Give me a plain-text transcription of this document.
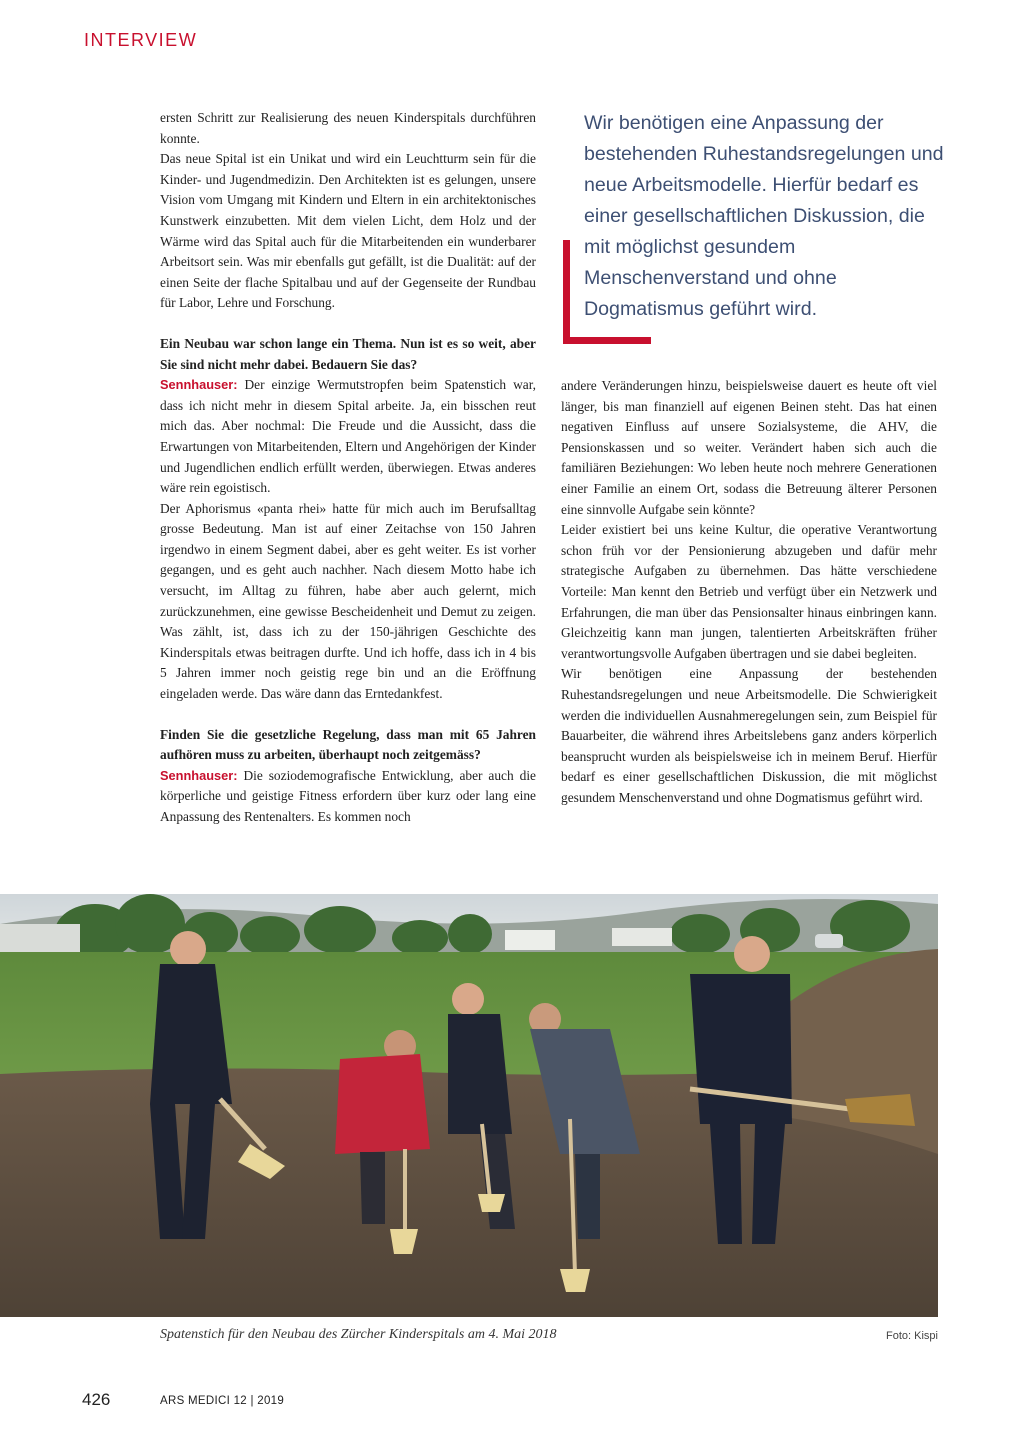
INTERVIEW

ersten Schritt zur Realisierung des neuen Kinderspitals durchführen konnte.

Das neue Spital ist ein Unikat und wird ein Leuchtturm sein für die Kinder- und Jugendmedizin. Den Architekten ist es gelungen, unsere Vision vom Umgang mit Kindern und Eltern in ein architektonisches Kunstwerk einzubetten. Mit dem vielen Licht, dem Holz und der Wärme wird das Spital auch für die Mitarbeitenden ein wunderbarer Arbeitsort sein. Was mir ebenfalls gut gefällt, ist die Dualität: auf der einen Seite der flache Spitalbau und auf der Gegenseite der Rundbau für Labor, Lehre und Forschung.

Ein Neubau war schon lange ein Thema. Nun ist es so weit, aber Sie sind nicht mehr dabei. Bedauern Sie das?

Sennhauser: Der einzige Wermutstropfen beim Spatenstich war, dass ich nicht mehr in diesem Spital arbeite. Ja, ein bisschen reut mich das. Aber nochmal: Die Freude und die Aussicht, dass die Erwartungen von Mitarbeitenden, Eltern und Angehörigen der Kinder und Jugendlichen endlich erfüllt werden, überwiegen. Etwas anderes wäre rein egoistisch.

Der Aphorismus «panta rhei» hatte für mich auch im Berufsalltag grosse Bedeutung. Man ist auf einer Zeitachse von 150 Jahren irgendwo in einem Segment dabei, aber es geht weiter. Es ist vorher gegangen, und es geht auch nachher. Nach diesem Motto habe ich versucht, im Alltag zu führen, habe aber auch gelernt, mich zurückzunehmen, eine gewisse Bescheidenheit und Demut zu zeigen. Was zählt, ist, dass ich zu der 150-jährigen Geschichte des Kinderspitals etwas beitragen durfte. Und ich hoffe, dass ich in 4 bis 5 Jahren immer noch geistig rege bin und an die Eröffnung eingeladen werde. Das wäre dann das Erntedankfest.

Finden Sie die gesetzliche Regelung, dass man mit 65 Jahren aufhören muss zu arbeiten, überhaupt noch zeitgemäss?

Sennhauser: Die soziodemografische Entwicklung, aber auch die körperliche und geistige Fitness erfordern über kurz oder lang eine Anpassung des Rentenalters. Es kommen noch

Wir benötigen eine Anpassung der bestehenden Ruhestandsregelungen und neue Arbeitsmodelle. Hierfür bedarf es einer gesellschaftlichen Diskussion, die mit möglichst gesundem Menschenverstand und ohne Dogmatismus geführt wird.

andere Veränderungen hinzu, beispielsweise dauert es heute oft viel länger, bis man finanziell auf eigenen Beinen steht. Das hat einen negativen Einfluss auf unsere Sozialsysteme, die AHV, die Pensionskassen und so weiter. Verändert haben sich auch die familiären Beziehungen: Wo leben heute noch mehrere Generationen einer Familie an einem Ort, sodass die Betreuung älterer Personen eine sinnvolle Aufgabe sein könnte?

Leider existiert bei uns keine Kultur, die operative Verantwortung schon früh vor der Pensionierung abzugeben und dafür mehr strategische Aufgaben zu übernehmen. Das hätte verschiedene Vorteile: Man kennt den Betrieb und verfügt über ein Netzwerk und Erfahrungen, die man über das Pensionsalter hinaus einbringen kann. Gleichzeitig kann man jungen, talentierten Arbeitskräften früher verantwortungsvolle Aufgaben übertragen und sie dabei begleiten.

Wir benötigen eine Anpassung der bestehenden Ruhestandsregelungen und neue Arbeitsmodelle. Die Schwierigkeit werden die individuellen Ausnahmeregelungen sein, zum Beispiel für Bauarbeiter, die während ihres Arbeitslebens ganz anders körperlich beansprucht wurden als beispielsweise ich in meinem Beruf. Hierfür bedarf es einer gesellschaftlichen Diskussion, die mit möglichst gesundem Menschenverstand und ohne Dogmatismus geführt wird.

Spatenstich für den Neubau des Zürcher Kinderspitals am 4. Mai 2018	Foto: Kispi
426	ARS MEDICI 12 | 2019
